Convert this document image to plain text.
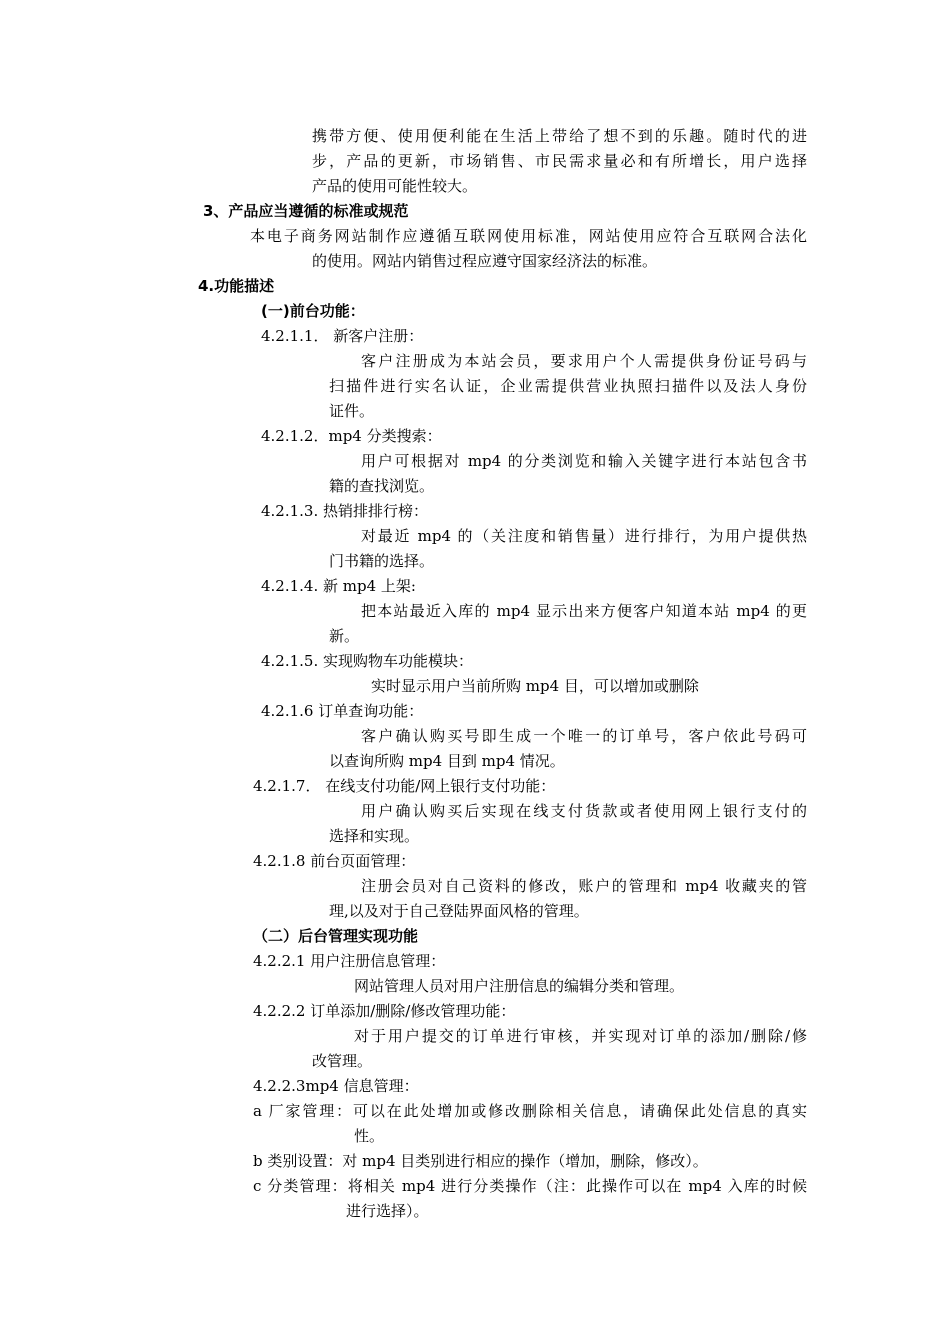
携带方便、使用便利能在生活上带给了想不到的乐趣。随时代的进
步，产品的更新，市场销售、市民需求量必和有所增长，用户选择
产品的使用可能性较大。
3、产品应当遵循的标准或规范
本电子商务网站制作应遵循互联网使用标准，网站使用应符合互联网合法化
的使用。网站内销售过程应遵守国家经济法的标准。
4.功能描述
(一)前台功能：
4.2.1.1． 新客户注册：
客户注册成为本站会员，要求用户个人需提供身份证号码与
扫描件进行实名认证，企业需提供营业执照扫描件以及法人身份
证件。
4.2.1.2．mp4 分类搜索：
用户可根据对 mp4 的分类浏览和输入关键字进行本站包含书
籍的查找浏览。
4.2.1.3. 热销排排行榜：
对最近 mp4 的（关注度和销售量）进行排行，为用户提供热
门书籍的选择。
4.2.1.4. 新 mp4 上架:
把本站最近入库的 mp4 显示出来方便客户知道本站 mp4 的更
新。
4.2.1.5. 实现购物车功能模块：
实时显示用户当前所购 mp4 目，可以增加或删除
4.2.1.6 订单查询功能：
客户确认购买号即生成一个唯一的订单号，客户依此号码可
以查询所购 mp4 目到 mp4 情况。
4.2.1.7． 在线支付功能/网上银行支付功能：
用户确认购买后实现在线支付货款或者使用网上银行支付的
选择和实现。
4.2.1.8 前台页面管理：
注册会员对自己资料的修改，账户的管理和 mp4 收藏夹的管
理,以及对于自己登陆界面风格的管理。
（二）后台管理实现功能
4.2.2.1 用户注册信息管理：
网站管理人员对用户注册信息的编辑分类和管理。
4.2.2.2 订单添加/删除/修改管理功能：
对于用户提交的订单进行审核，并实现对订单的添加/删除/修
改管理。
4.2.2.3mp4 信息管理：
a 厂家管理：可以在此处增加或修改删除相关信息，请确保此处信息的真实
性。
b 类别设置：对 mp4 目类别进行相应的操作（增加，删除，修改）。
c 分类管理：将相关 mp4 进行分类操作（注：此操作可以在 mp4 入库的时候
进行选择）。
